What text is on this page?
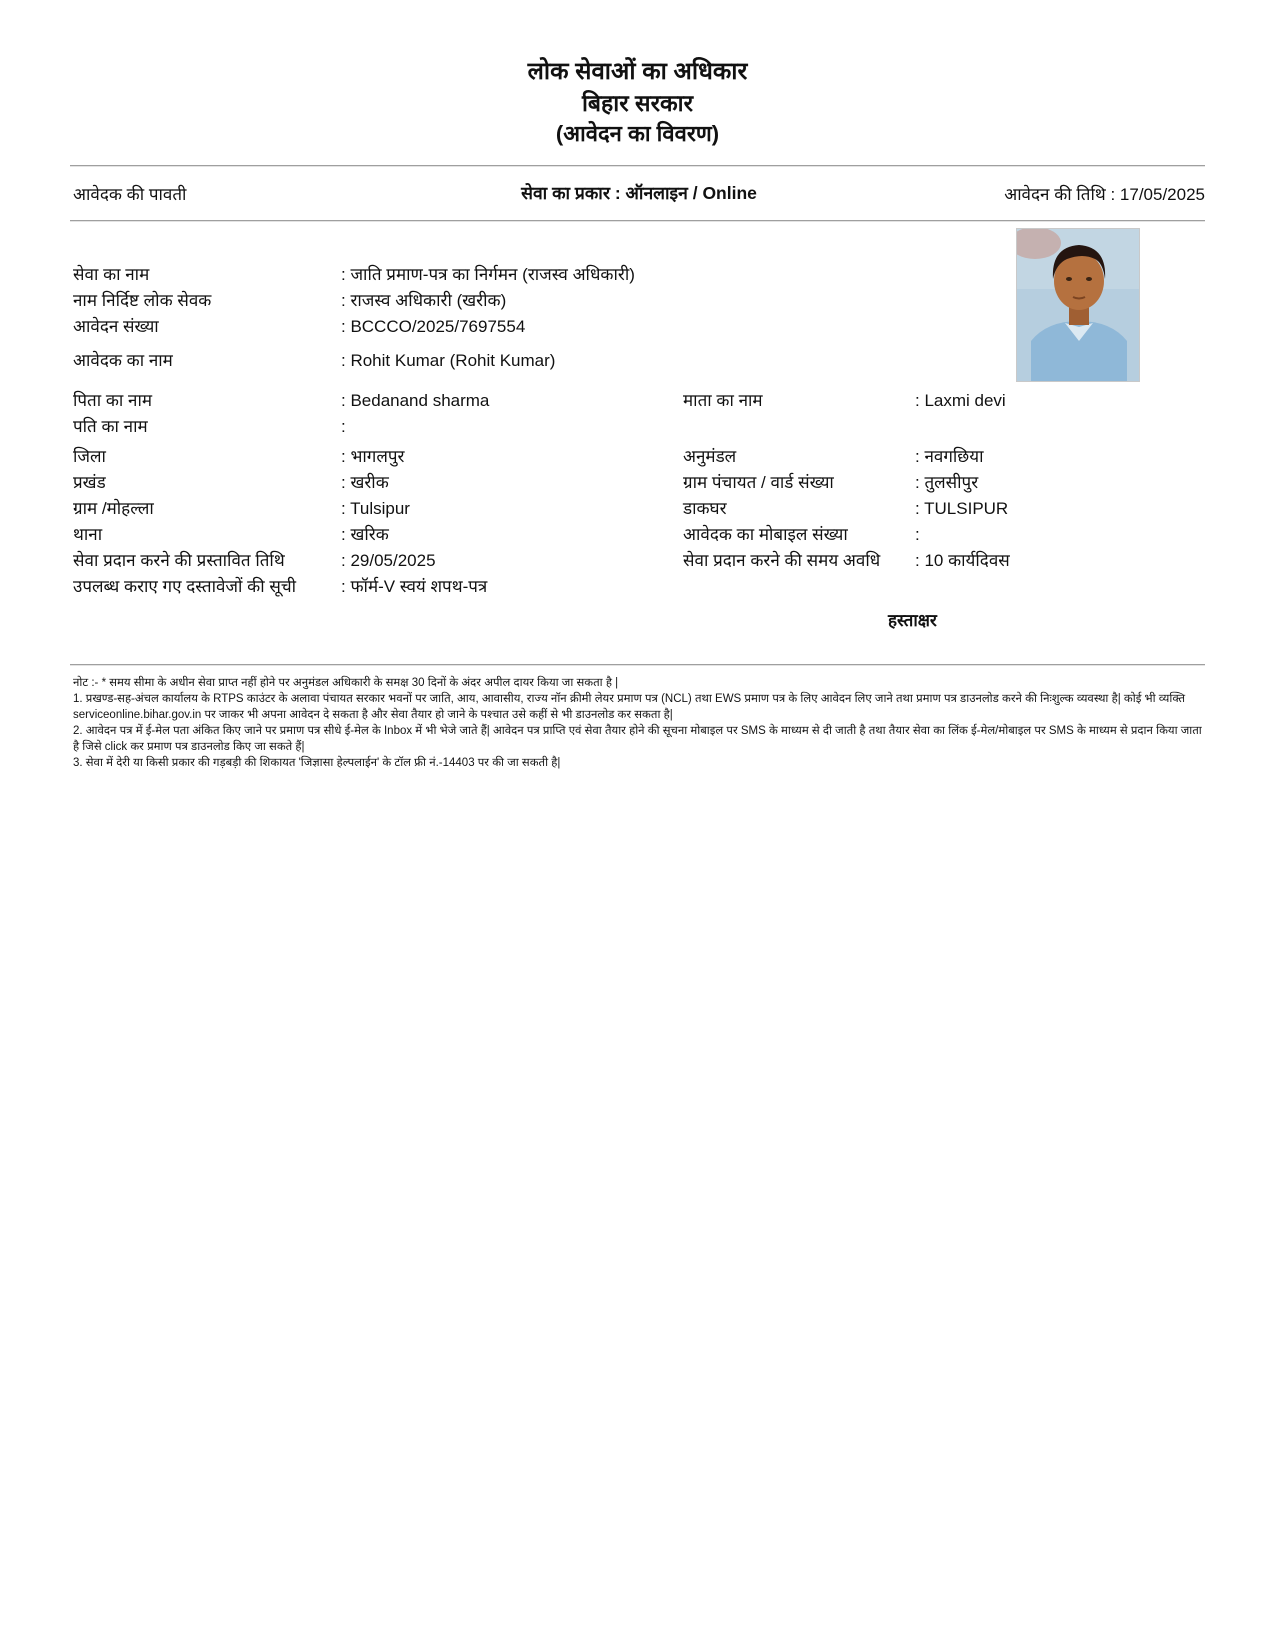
लोक सेवाओं का अधिकार
बिहार सरकार
(आवेदन का विवरण)
आवेदक की पावती	सेवा का प्रकार : ऑनलाइन / Online	आवेदन की तिथि : 17/05/2025
सेवा का नाम	: जाति प्रमाण-पत्र का निर्गमन (राजस्व अधिकारी)
नाम निर्दिष्ट लोक सेवक	: राजस्व अधिकारी (खरीक)
आवेदन संख्या	: BCCCO/2025/7697554
आवेदक का नाम	: Rohit Kumar (Rohit Kumar)
पिता का नाम	: Bedanand sharma	माता का नाम	: Laxmi devi
पति का नाम	:
जिला	: भागलपुर	अनुमंडल	: नवगछिया
प्रखंड	: खरीक	ग्राम पंचायत / वार्ड संख्या	: तुलसीपुर
ग्राम /मोहल्ला	: Tulsipur	डाकघर	: TULSIPUR
थाना	: खरिक	आवेदक का मोबाइल संख्या	:
सेवा प्रदान करने की प्रस्तावित तिथि	: 29/05/2025	सेवा प्रदान करने की समय अवधि	: 10 कार्यदिवस
उपलब्ध कराए गए दस्तावेजों की सूची	: फॉर्म-V स्वयं शपथ-पत्र
हस्ताक्षर

नोट :- * समय सीमा के अधीन सेवा प्राप्त नहीं होने पर अनुमंडल अधिकारी के समक्ष 30 दिनों के अंदर अपील दायर किया जा सकता है |

1. प्रखण्ड-सह-अंचल कार्यालय के RTPS काउंटर के अलावा पंचायत सरकार भवनों पर जाति, आय, आवासीय, राज्य नॉन क्रीमी लेयर प्रमाण पत्र (NCL) तथा EWS प्रमाण पत्र के लिए आवेदन लिए जाने तथा प्रमाण पत्र डाउनलोड करने की निःशुल्क व्यवस्था है| कोई भी व्यक्ति serviceonline.bihar.gov.in पर जाकर भी अपना आवेदन दे सकता है और सेवा तैयार हो जाने के पश्चात उसे कहीं से भी डाउनलोड कर सकता है|

2. आवेदन पत्र में ई-मेल पता अंकित किए जाने पर प्रमाण पत्र सीधे ई-मेल के Inbox में भी भेजे जाते हैं| आवेदन पत्र प्राप्ति एवं सेवा तैयार होने की सूचना मोबाइल पर SMS के माध्यम से दी जाती है तथा तैयार सेवा का लिंक ई-मेल/मोबाइल पर SMS के माध्यम से प्रदान किया जाता है जिसे click कर प्रमाण पत्र डाउनलोड किए जा सकते हैं|

3. सेवा में देरी या किसी प्रकार की गड़बड़ी की शिकायत 'जिज्ञासा हेल्पलाईन' के टॉल फ्री नं.-14403 पर की जा सकती है|
